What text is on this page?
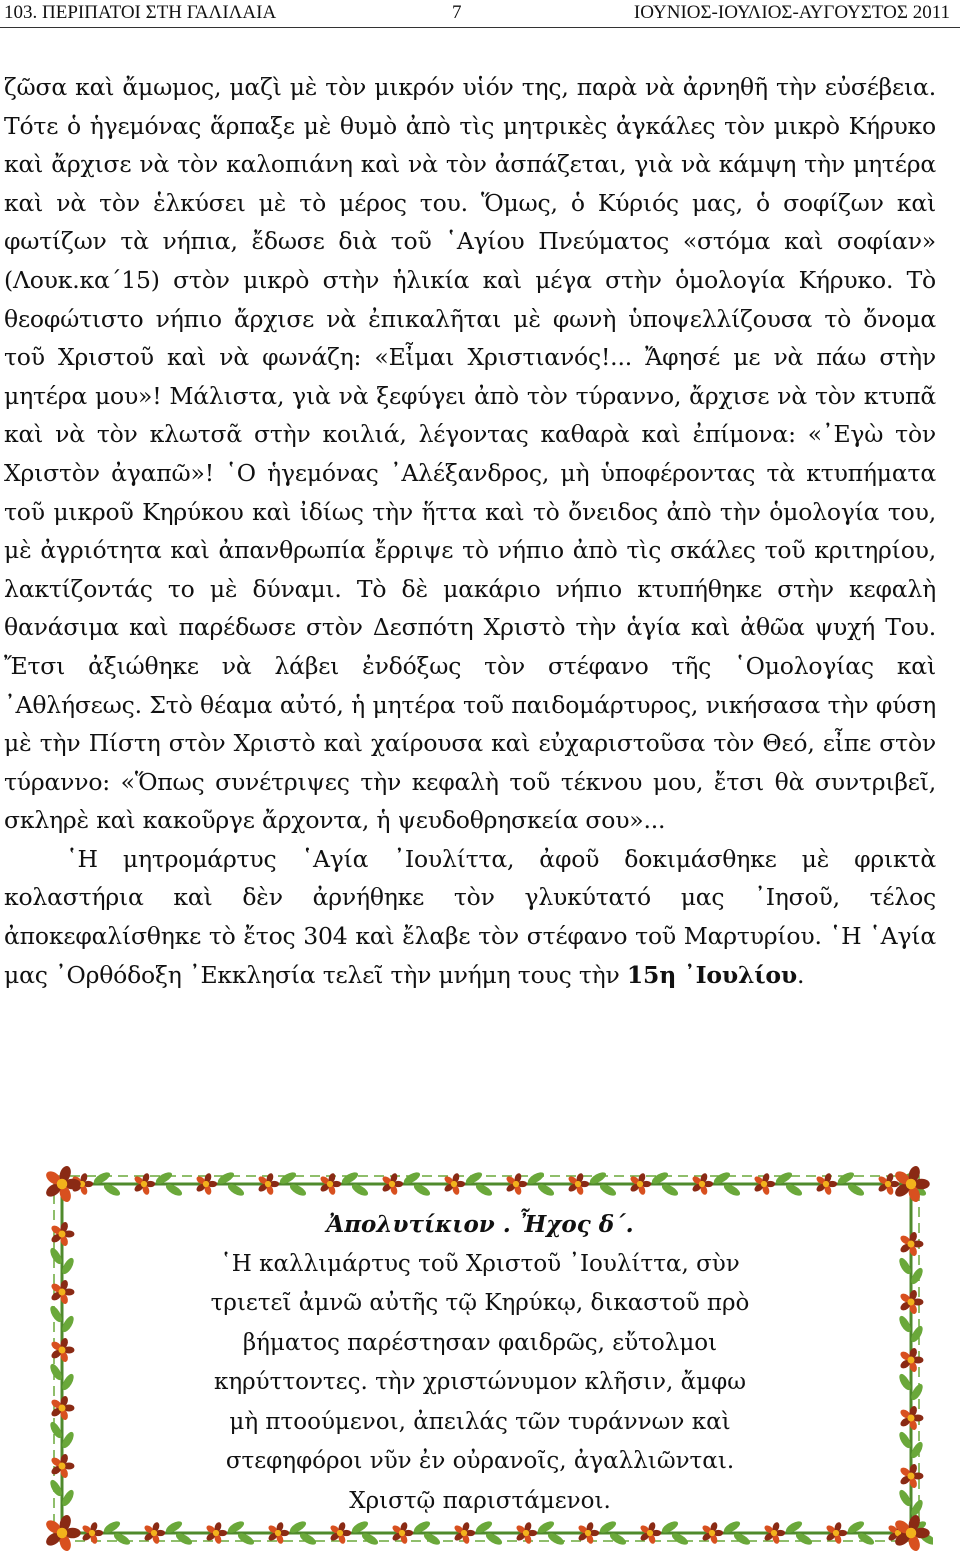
103. ΠΕΡΙΠΑΤΟΙ ΣΤΗ ΓΑΛΙΛΑΙΑ	7	ΙΟΥΝΙΟΣ-ΙΟΥΛΙΟΣ-ΑΥΓΟΥΣΤΟΣ 2011

ζῶσα καὶ ἄμωμος, μαζὶ μὲ τὸν μικρόν υἱόν της, παρὰ νὰ ἀρνηθῆ τὴν εὐσέβεια. Τότε ὁ ἡγεμόνας ἅρπαξε μὲ θυμὸ ἀπὸ τὶς μητρικὲς ἀγκάλες τὸν μικρὸ Κήρυκο καὶ ἄρχισε νὰ τὸν καλοπιάνη καὶ νὰ τὸν ἀσπάζεται, γιὰ νὰ κάμψη τὴν μητέρα καὶ νὰ τὸν ἑλκύσει μὲ τὸ μέρος του. Ὅμως, ὁ Κύριός μας, ὁ σοφίζων καὶ φωτίζων τὰ νήπια, ἔδωσε διὰ τοῦ ῾Αγίου Πνεύματος «στόμα καὶ σοφίαν» (Λουκ.κα΄15) στὸν μικρὸ στὴν ἡλικία καὶ μέγα στὴν ὁμολογία Κήρυκο. Τὸ θεοφώτιστο νήπιο ἄρχισε νὰ ἐπικαλῆται μὲ φωνὴ ὑποψελλίζουσα τὸ ὄνομα τοῦ Χριστοῦ καὶ νὰ φωνάζη: «Εἶμαι Χριστιανός!... Ἄφησέ με νὰ πάω στὴν μητέρα μου»! Μάλιστα, γιὰ νὰ ξεφύγει ἀπὸ τὸν τύραννο, ἄρχισε νὰ τὸν κτυπᾶ καὶ νὰ τὸν κλωτσᾶ στὴν κοιλιά, λέγοντας καθαρὰ καὶ ἐπίμονα: «᾿Εγὼ τὸν Χριστὸν ἀγαπῶ»! ῾Ο ἡγεμόνας ᾿Αλέξανδρος, μὴ ὑποφέροντας τὰ κτυπήματα τοῦ μικροῦ Κηρύκου καὶ ἰδίως τὴν ἥττα καὶ τὸ ὄνειδος ἀπὸ τὴν ὁμολογία του, μὲ ἀγριότητα καὶ ἀπανθρωπία ἔρριψε τὸ νήπιο ἀπὸ τὶς σκάλες τοῦ κριτηρίου, λακτίζοντάς το μὲ δύναμι. Τὸ δὲ μακάριο νήπιο κτυπήθηκε στὴν κεφαλὴ θανάσιμα καὶ παρέδωσε στὸν Δεσπότη Χριστὸ τὴν ἁγία καὶ ἀθῶα ψυχή Του. Ἔτσι ἀξιώθηκε νὰ λάβει ἐνδόξως τὸν στέφανο τῆς ῾Ομολογίας καὶ ᾿Αθλήσεως. Στὸ θέαμα αὐτό, ἡ μητέρα τοῦ παιδομάρτυρος, νικήσασα τὴν φύση μὲ τὴν Πίστη στὸν Χριστὸ καὶ χαίρουσα καὶ εὐχαριστοῦσα τὸν Θεό, εἶπε στὸν τύραννο: «Ὅπως συνέτριψες τὴν κεφαλὴ τοῦ τέκνου μου, ἔτσι θὰ συντριβεῖ, σκληρὲ καὶ κακοῦργε ἄρχοντα, ἡ ψευδοθρησκεία σου»...

῾Η μητρομάρτυς ῾Αγία ᾿Ιουλίττα, ἀφοῦ δοκιμάσθηκε μὲ φρικτὰ κολαστήρια καὶ δὲν ἀρνήθηκε τὸν γλυκύτατό μας ᾿Ιησοῦ, τέλος ἀποκεφαλίσθηκε τὸ ἔτος 304 καὶ ἔλαβε τὸν στέφανο τοῦ Μαρτυρίου. ῾Η ῾Αγία μας ᾿Ορθόδοξη ᾿Εκκλησία τελεῖ τὴν μνήμη τους τὴν 15η ᾿Ιουλίου.

Ἀπολυτίκιον . Ἦχος δ΄.
῾Η καλλιμάρτυς τοῦ Χριστοῦ ᾿Ιουλίττα, σὺν
τριετεῖ ἀμνῶ αὐτῆς τῷ Κηρύκῳ, δικαστοῦ πρὸ
βήματος παρέστησαν φαιδρῶς, εὔτολμοι
κηρύττοντες. τὴν χριστώνυμον κλῆσιν, ἄμφω
μὴ πτοούμενοι, ἀπειλάς τῶν τυράννων καὶ
στεφηφόροι νῦν ἐν οὐρανοῖς, ἀγαλλιῶνται.
Χριστῷ παριστάμενοι.
